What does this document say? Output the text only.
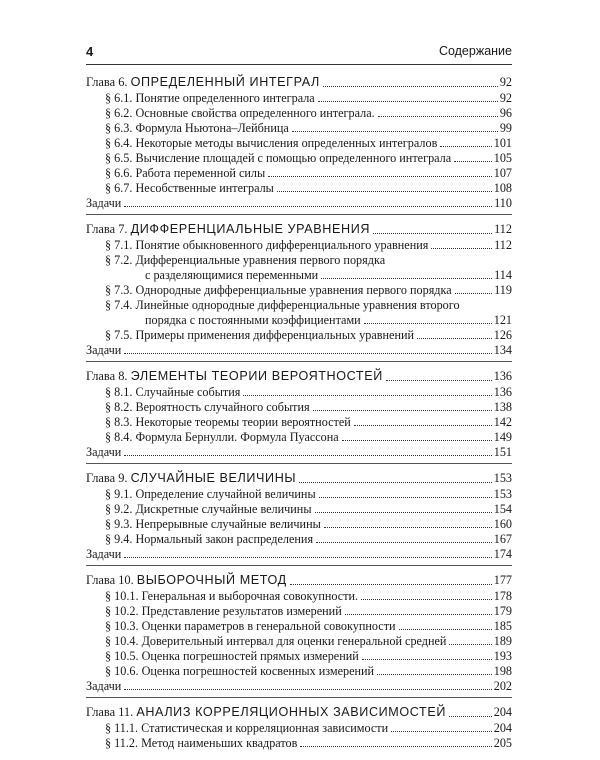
4	Содержание
Глава 6. ОПРЕДЕЛЕННЫЙ ИНТЕГРАЛ	92
§ 6.1. Понятие определенного интеграла	92
§ 6.2. Основные свойства определенного интеграла.	96
§ 6.3. Формула Ньютона–Лейбница	99
§ 6.4. Некоторые методы вычисления определенных интегралов	101
§ 6.5. Вычисление площадей с помощью определенного интеграла	105
§ 6.6. Работа переменной силы	107
§ 6.7. Несобственные интегралы	108
Задачи	110
Глава 7. ДИФФЕРЕНЦИАЛЬНЫЕ УРАВНЕНИЯ	112
§ 7.1. Понятие обыкновенного дифференциального уравнения	112
§ 7.2. Дифференциальные уравнения первого порядка
с разделяющимися переменными	114
§ 7.3. Однородные дифференциальные уравнения первого порядка	119
§ 7.4. Линейные однородные дифференциальные уравнения второго
порядка с постоянными коэффициентами	121
§ 7.5. Примеры применения дифференциальных уравнений	126
Задачи	134
Глава 8. ЭЛЕМЕНТЫ ТЕОРИИ ВЕРОЯТНОСТЕЙ	136
§ 8.1. Случайные события	136
§ 8.2. Вероятность случайного события	138
§ 8.3. Некоторые теоремы теории вероятностей	142
§ 8.4. Формула Бернулли. Формула Пуассона	149
Задачи	151
Глава 9. СЛУЧАЙНЫЕ ВЕЛИЧИНЫ	153
§ 9.1. Определение случайной величины	153
§ 9.2. Дискретные случайные величины	154
§ 9.3. Непрерывные случайные величины	160
§ 9.4. Нормальный закон распределения	167
Задачи	174
Глава 10. ВЫБОРОЧНЫЙ МЕТОД	177
§ 10.1. Генеральная и выборочная совокупности.	178
§ 10.2. Представление результатов измерений	179
§ 10.3. Оценки параметров в генеральной совокупности	185
§ 10.4. Доверительный интервал для оценки генеральной средней	189
§ 10.5. Оценка погрешностей прямых измерений	193
§ 10.6. Оценка погрешностей косвенных измерений	198
Задачи	202
Глава 11. АНАЛИЗ КОРРЕЛЯЦИОННЫХ ЗАВИСИМОСТЕЙ	204
§ 11.1. Статистическая и корреляционная зависимости	204
§ 11.2. Метод наименьших квадратов	205
